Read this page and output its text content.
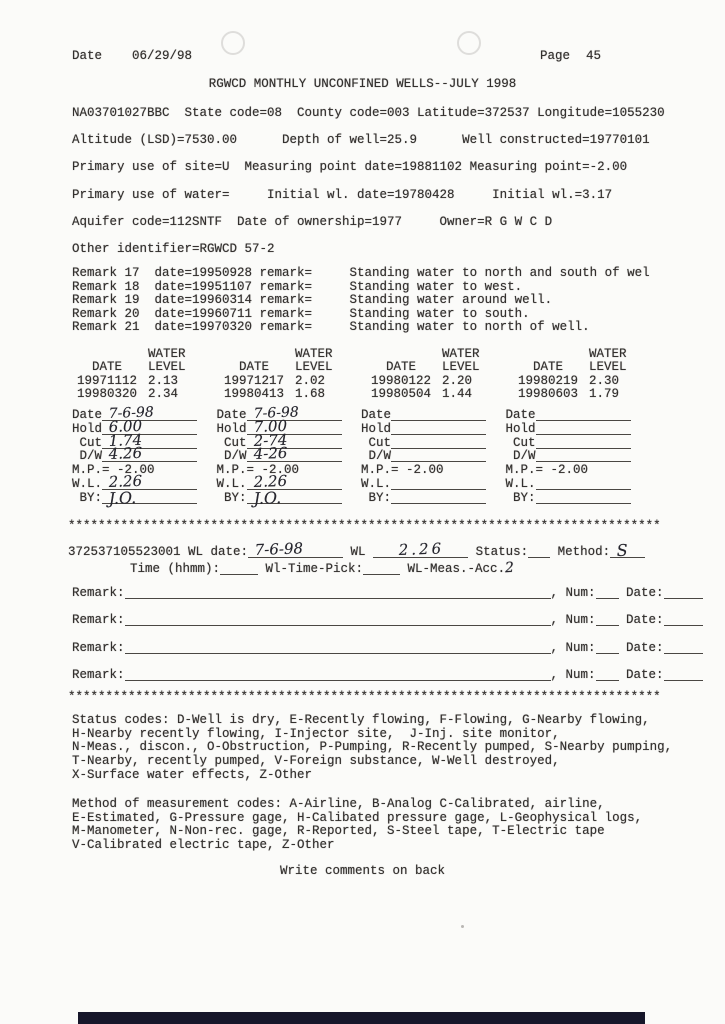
Date 06/29/98	Page 45
RGWCD MONTHLY UNCONFINED WELLS--JULY 1998
NA03701027BBC  State code=08  County code=003 Latitude=372537 Longitude=1055230
Altitude (LSD)=7530.00      Depth of well=25.9      Well constructed=19770101
Primary use of site=U  Measuring point date=19881102 Measuring point=-2.00
Primary use of water=     Initial wl. date=19780428     Initial wl.=3.17
Aquifer code=112SNTF  Date of ownership=1977     Owner=R G W C D
Other identifier=RGWCD 57-2
Remark 17  date=19950928 remark=     Standing water to north and south of wel
Remark 18  date=19951107 remark=     Standing water to west.
Remark 19  date=19960314 remark=     Standing water around well.
Remark 20  date=19960711 remark=     Standing water to south.
Remark 21  date=19970320 remark=     Standing water to north of well.
WATER
DATE	LEVEL
19971112 2.13
19980320 2.34
WATER
DATE	LEVEL
19971217 2.02
19980413 1.68
WATER
DATE	LEVEL
19980122 2.20
19980504 1.44
WATER
DATE	LEVEL
19980219 2.30
19980603 1.79
Date 7-6-98
Hold 6.00
Cut 1.74
D/W 4.26
M.P.= -2.00
W.L. 2.26
BY: J.O.
Date 7-6-98
Hold 7.00
Cut 2-74
D/W 4-26
M.P.= -2.00
W.L. 2.26
BY: J.O.
Date
Hold
Cut
D/W
M.P.= -2.00
W.L.
BY:
Date
Hold
Cut
D/W
M.P.= -2.00
W.L.
BY:
*******************************************************************************
372537105523001 WL date: 7-6-98	WL 2.26 Status:
Method: S
Time (hhmm):	Wl-Time-Pick:	WL-Meas.-Acc.2
Remark:	, Num: Date:
Remark:	, Num: Date:
Remark:	, Num: Date:
Remark:	, Num: Date:
*******************************************************************************
Status codes: D-Well is dry, E-Recently flowing, F-Flowing, G-Nearby flowing,
H-Nearby recently flowing, I-Injector site,  J-Inj. site monitor,
N-Meas., discon., O-Obstruction, P-Pumping, R-Recently pumped, S-Nearby pumping,
T-Nearby, recently pumped, V-Foreign substance, W-Well destroyed,
X-Surface water effects, Z-Other
Method of measurement codes: A-Airline, B-Analog C-Calibrated, airline,
E-Estimated, G-Pressure gage, H-Calibated pressure gage, L-Geophysical logs,
M-Manometer, N-Non-rec. gage, R-Reported, S-Steel tape, T-Electric tape
V-Calibrated electric tape, Z-Other
Write comments on back
